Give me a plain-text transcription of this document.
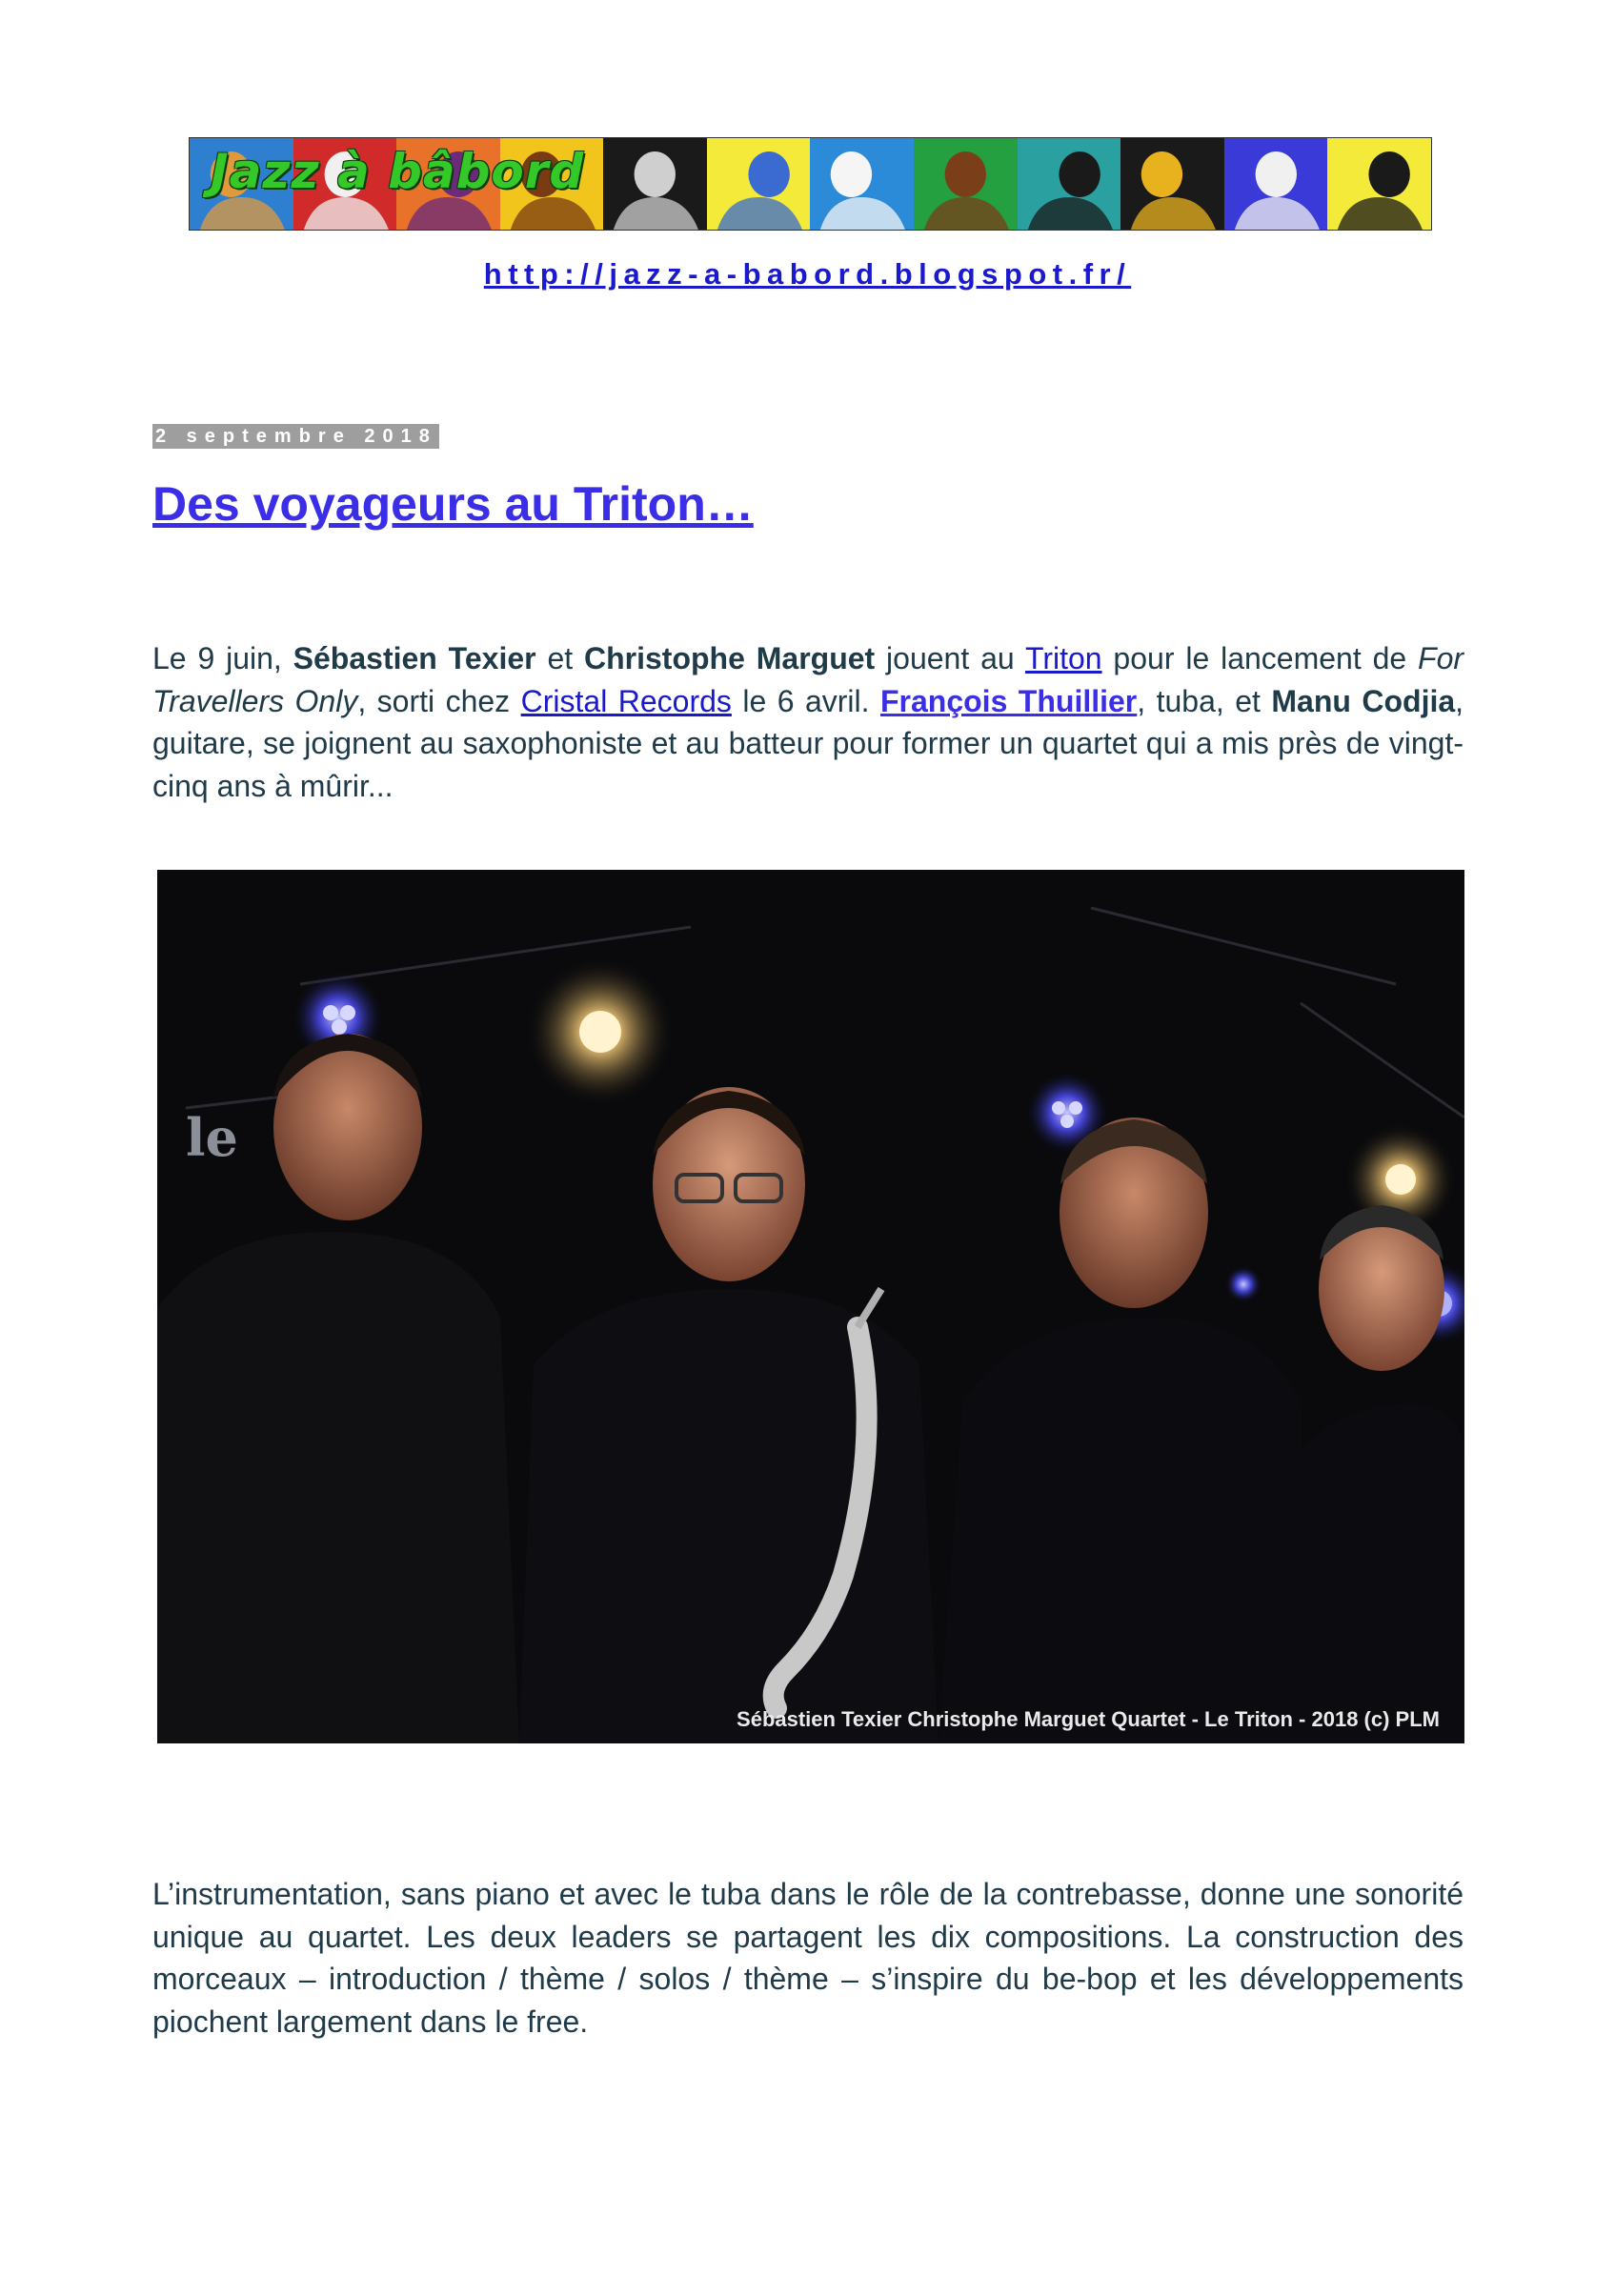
Jazz à bâbord
http://jazz-a-babord.blogspot.fr/
2 septembre 2018
Des voyageurs au Triton…

Le 9 juin, Sébastien Texier et Christophe Marguet jouent au Triton pour le lancement de For Travellers Only, sorti chez Cristal Records le 6 avril. François Thuillier, tuba, et Manu Codjia, guitare, se joignent au saxophoniste et au batteur pour former un quartet qui a mis près de vingt-cinq ans à mûrir...

le
Sébastien Texier Christophe Marguet Quartet - Le Triton - 2018 (c) PLM

L’instrumentation, sans piano et avec le tuba dans le rôle de la contrebasse, donne une sonorité unique au quartet. Les deux leaders se partagent les dix compositions. La construction des morceaux – introduction / thème / solos / thème – s’inspire du be-bop et les développements piochent largement dans le free.
